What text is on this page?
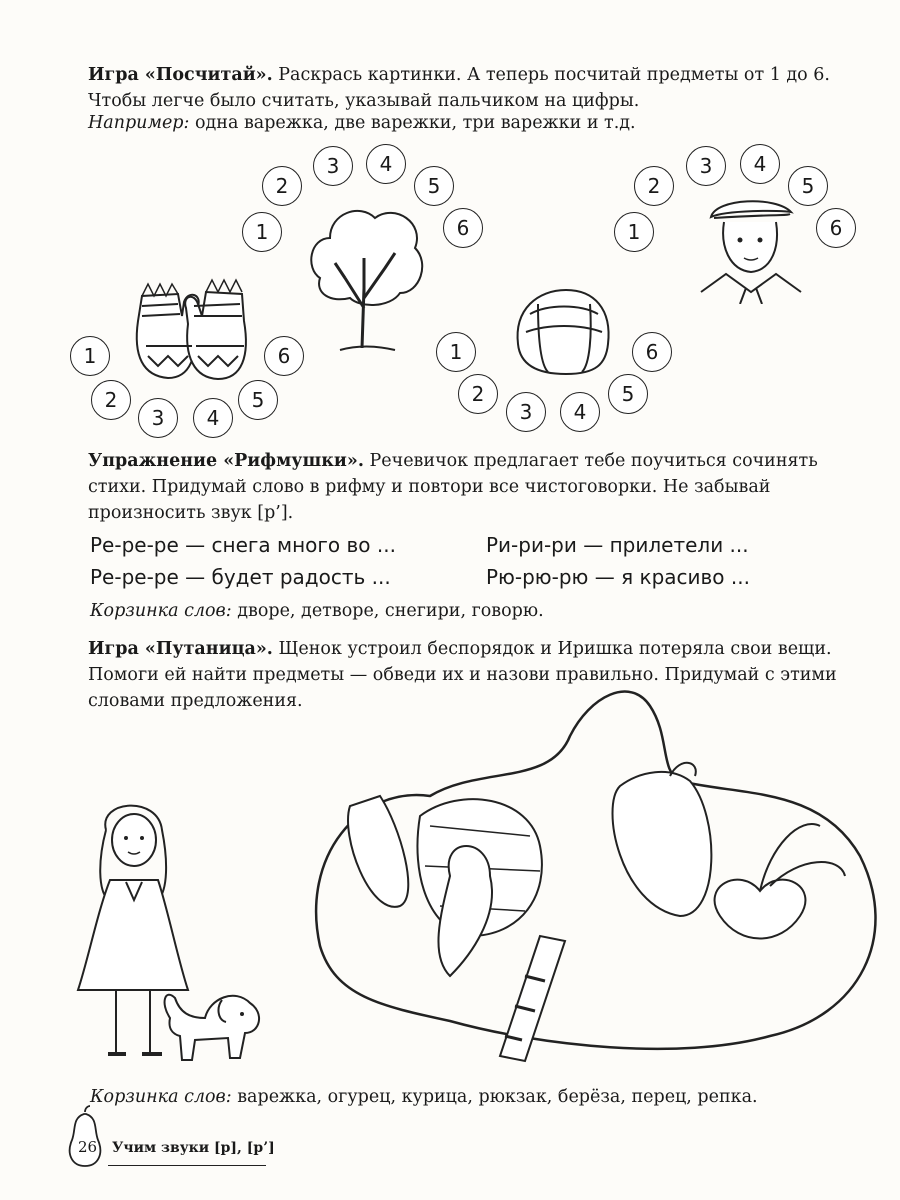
Игра «Посчитай». Раскрась картинки. А теперь посчитай предметы от 1 до 6. Чтобы легче было считать, указывай пальчиком на цифры.

Например: одна варежка, две варежки, три варежки и т.д.

1
2
3	4
5
6	1
2
3	4
5
6
1
2
3	4
5
6	1
2
3	4
5
6

Упражнение «Рифмушки». Речевичок предлагает тебе поучиться сочинять стихи. Придумай слово в рифму и повтори все чистоговорки. Не забывай произносить звук [р’].

Ре-ре-ре — снега много во ...	Ри-ри-ри — прилетели ...
Ре-ре-ре — будет радость ...	Рю-рю-рю — я красиво ...

Корзинка слов: дворе, детворе, снегири, говорю.

Игра «Путаница». Щенок устроил беспорядок и Иришка потеряла свои вещи. Помоги ей найти предметы — обведи их и назови правильно. Придумай с этими словами предложения.

Корзинка слов: варежка, огурец, курица, рюкзак, берёза, перец, репка.

26 Учим звуки [р], [р’]
